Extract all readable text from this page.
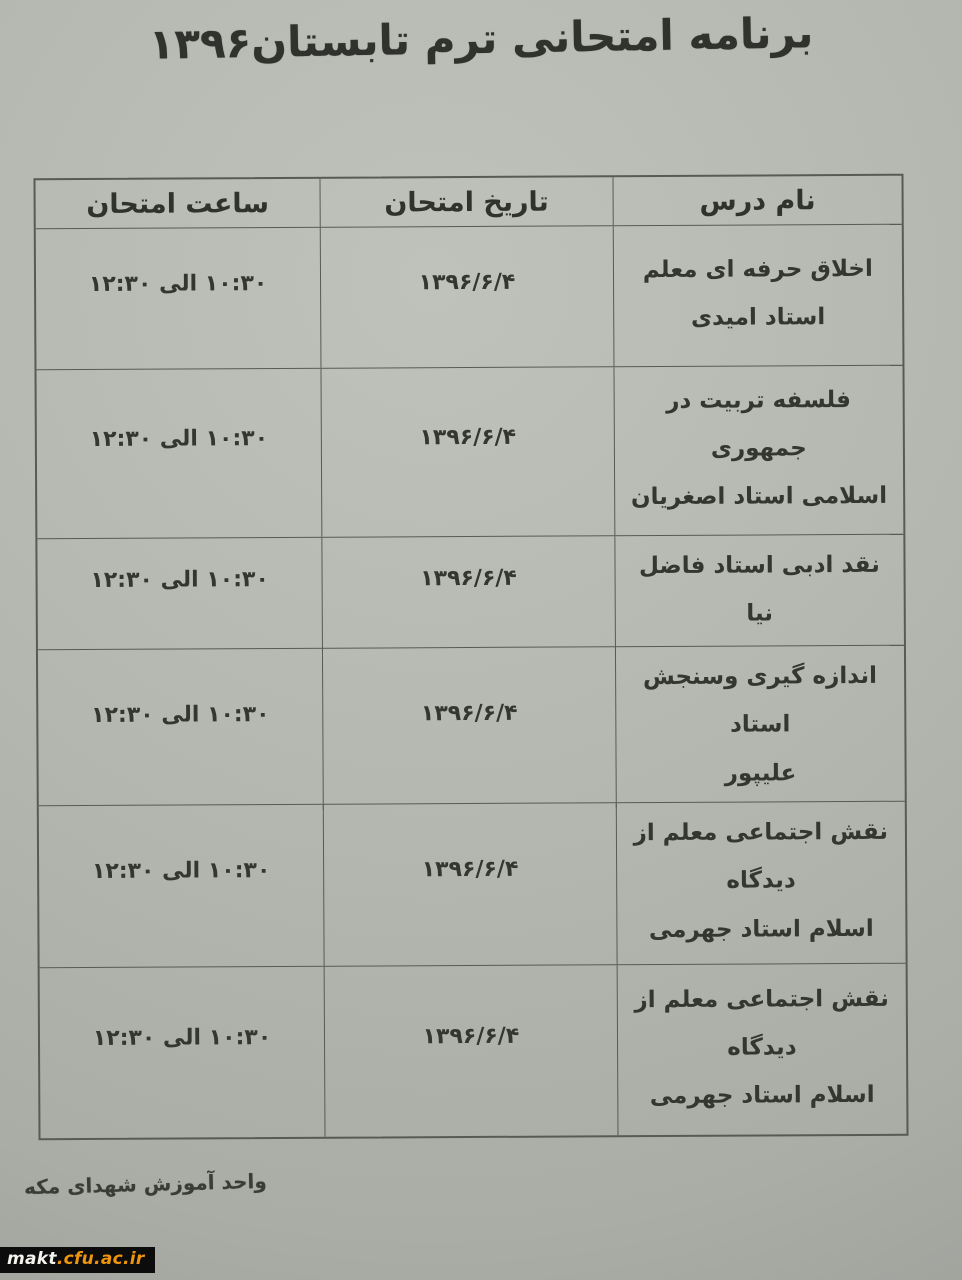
برنامه امتحانی ترم تابستان۱۳۹۶
نام درس
تاریخ امتحان
ساعت امتحان
اخلاق حرفه ای معلم
استاد امیدی
۱۳۹۶/۶/۴
۱۰:۳۰ الی ۱۲:۳۰
فلسفه تربیت در جمهوری
اسلامی استاد اصغریان
۱۳۹۶/۶/۴
۱۰:۳۰ الی ۱۲:۳۰
نقد ادبی استاد فاضل نیا
۱۳۹۶/۶/۴
۱۰:۳۰ الی ۱۲:۳۰
اندازه گیری وسنجش استاد
علیپور
۱۳۹۶/۶/۴
۱۰:۳۰ الی ۱۲:۳۰
نقش اجتماعی معلم از دیدگاه
اسلام استاد جهرمی
۱۳۹۶/۶/۴
۱۰:۳۰ الی ۱۲:۳۰
نقش اجتماعی معلم از دیدگاه
اسلام استاد جهرمی
۱۳۹۶/۶/۴
۱۰:۳۰ الی ۱۲:۳۰
واحد آموزش شهدای مکه
makt.cfu.ac.ir
